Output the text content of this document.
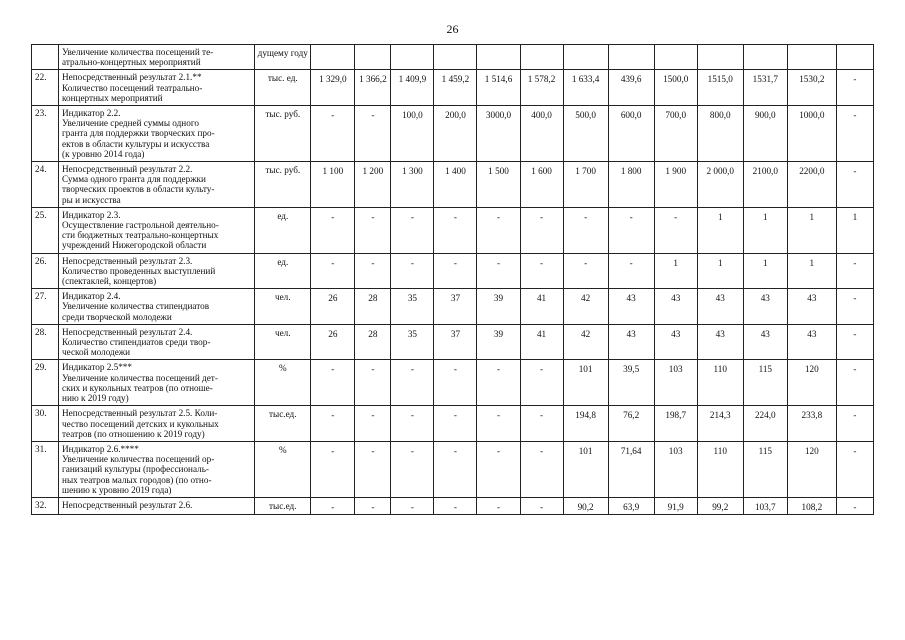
26

	Увеличение количества посещений те-
атрально-концертных мероприятий	дущему году													
22.	Непосредственный результат 2.1.**
Количество посещений театрально-
концертных мероприятий	тыс. ед.	1 329,0	1 366,2	1 409,9	1 459,2	1 514,6	1 578,2	1 633,4	439,6	1500,0	1515,0	1531,7	1530,2	-
23.	Индикатор 2.2.
Увеличение средней суммы одного
гранта для поддержки творческих про-
ектов в области культуры и искусства
(к уровню 2014 года)	тыс. руб.	-	-	100,0	200,0	3000,0	400,0	500,0	600,0	700,0	800,0	900,0	1000,0	-
24.	Непосредственный результат 2.2.
Сумма одного гранта для поддержки
творческих проектов в области культу-
ры и искусства	тыс. руб.	1 100	1 200	1 300	1 400	1 500	1 600	1 700	1 800	1 900	2 000,0	2100,0	2200,0	-
25.	Индикатор 2.3.
Осуществление гастрольной деятельно-
сти бюджетных театрально-концертных
учреждений Нижегородской области	ед.	-	-	-	-	-	-	-	-	-	1	1	1	1
26.	Непосредственный результат 2.3.
Количество проведенных выступлений
(спектаклей, концертов)	ед.	-	-	-	-	-	-	-	-	1	1	1	1	-
27.	Индикатор 2.4.
Увеличение количества стипендиатов
среди творческой молодежи	чел.	26	28	35	37	39	41	42	43	43	43	43	43	-
28.	Непосредственный результат 2.4.
Количество стипендиатов среди твор-
ческой молодежи	чел.	26	28	35	37	39	41	42	43	43	43	43	43	-
29.	Индикатор 2.5***
Увеличение количества посещений дет-
ских и кукольных театров (по отноше-
нию к 2019 году)	%	-	-	-	-	-	-	101	39,5	103	110	115	120	-
30.	Непосредственный результат 2.5. Коли-
чество посещений детских и кукольных
театров (по отношению к 2019 году)	тыс.ед.	-	-	-	-	-	-	194,8	76,2	198,7	214,3	224,0	233,8	-
31.	Индикатор 2.6.****
Увеличение количества посещений ор-
ганизаций культуры (профессиональ-
ных театров малых городов) (по отно-
шению к уровню 2019 года)	%	-	-	-	-	-	-	101	71,64	103	110	115	120	-
32.	Непосредственный результат 2.6.	тыс.ед.	-	-	-	-	-	-	90,2	63,9	91,9	99,2	103,7	108,2	-
